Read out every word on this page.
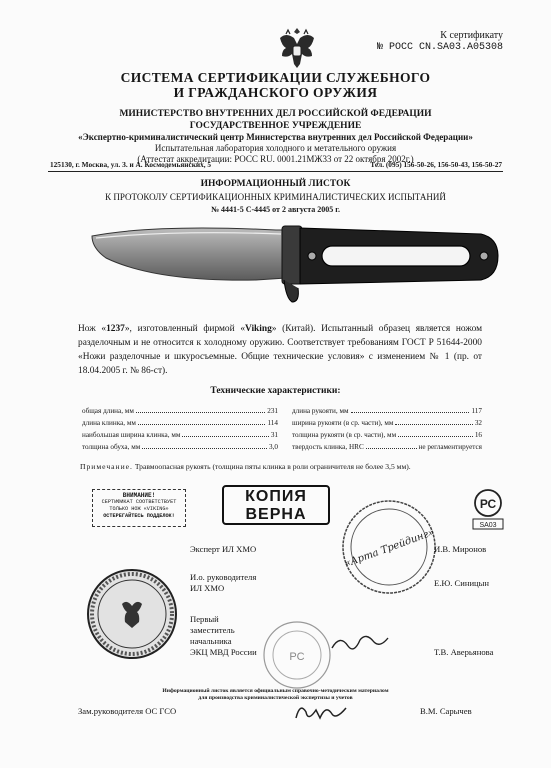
К сертификату
№ РОСС CN.SA03.А05308
СИСТЕМА СЕРТИФИКАЦИИ СЛУЖЕБНОГО
И ГРАЖДАНСКОГО ОРУЖИЯ
МИНИСТЕРСТВО ВНУТРЕННИХ ДЕЛ РОССИЙСКОЙ ФЕДЕРАЦИИ
ГОСУДАРСТВЕННОЕ УЧРЕЖДЕНИЕ
«Экспертно-криминалистический центр Министерства внутренних дел Российской Федерации»
Испытательная лаборатория холодного и метательного оружия
(Аттестат аккредитации: РОСС RU. 0001.21МЖ33 от 22 октября 2002г.)
125130, г. Москва, ул. З. и А. Космодемьянских, 5	Тел. (095) 156-50-26, 156-50-43, 156-50-27
ИНФОРМАЦИОННЫЙ ЛИСТОК
К ПРОТОКОЛУ СЕРТИФИКАЦИОННЫХ КРИМИНАЛИСТИЧЕСКИХ ИСПЫТАНИЙ
№ 4441-5 С-4445 от 2 августа 2005 г.
Нож «1237», изготовленный фирмой «Viking» (Китай). Испытанный образец является ножом разделочным и не относится к холодному оружию. Соответствует требованиям ГОСТ Р 51644-2000 «Ножи разделочные и шкуросъемные. Общие технические условия» с изменением № 1 (пр. от 18.04.2005 г. № 86-ст).
Технические характеристики:
общая длина, мм	231
длина клинка, мм	114
наибольшая ширина клинка, мм	31
толщина обуха, мм	3,0
длина рукояти, мм	117
ширина рукояти (в ср. части), мм	32
толщина рукояти (в ср. части), мм	16
твердость клинка, HRC	не регламентируется
Примечание. Травмоопасная рукоять (толщина пяты клинка в роли ограничителя не более 3,5 мм).
ВНИМАНИЕ!
СЕРТИФИКАТ СООТВЕТСТВУЕТ
ТОЛЬКО НОЖ «VIKING»
ОСТЕРЕГАЙТЕСЬ ПОДДЕЛОК!
КОПИЯ
ВЕРНА
РС
SA03
«Арта Трейдинг»
РС
Эксперт ИЛ ХМО	И.В. Миронов
И.о. руководителя
ИЛ ХМО	Е.Ю. Синицын
Первый
заместитель
начальника
ЭКЦ МВД России	Т.В. Аверьянова
Информационный листок является официальным справочно-методическим материалом
для производства криминалистической экспертизы и учетов
Зам.руководителя ОС ГСО	В.М. Сарычев
